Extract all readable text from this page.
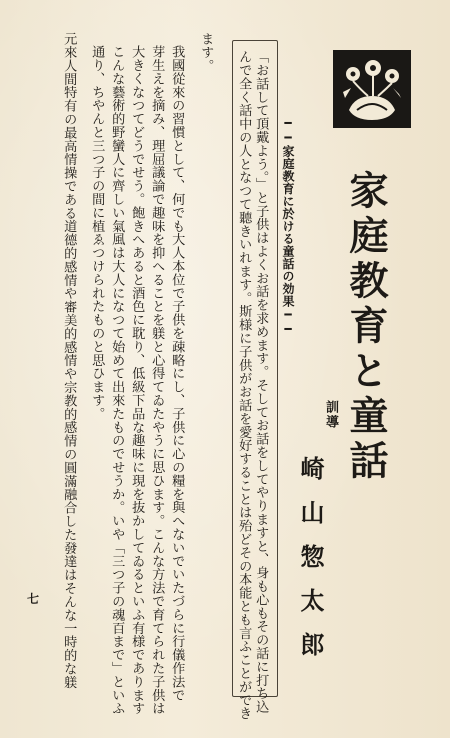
家庭教育と童話
訓導
崎山惣太郎
━━家庭教育に於ける童話の効果━━
「お話して頂戴よう。」と子供はよくお話を求めます。そしてお話をしてやりますと、身も心もその話に打ち込
んで全く話中の人となつて聽きいれます。斯様に子供がお話を愛好することは殆どその本能とも言ふことができ
ます。
我國從來の習慣として、何でも大人本位で子供を疎略にし、子供に心の糧を與へないでいたづらに行儀作法で
芽生えを摘み、理屈議論で趣味を抑へることを躾と心得てゐたやうに思ひます。こんな方法で育てられた子供は
大きくなつてどうでせう。飽きへあると酒色に耽り、低級下品な趣味に現を抜かしてゐるといふ有様であります
こんな藝術的野蠻人に齊しい氣風は大人になつて始めて出來たものでせうか。いや「三つ子の魂百まで」といふ
通り、ちやんと三つ子の間に植ゑつけられたものと思ひます。
元來人間特有の最高情操である道德的感情や審美的感情や宗教的感情の圓滿融合した發達はそんな一時的な躾
七
